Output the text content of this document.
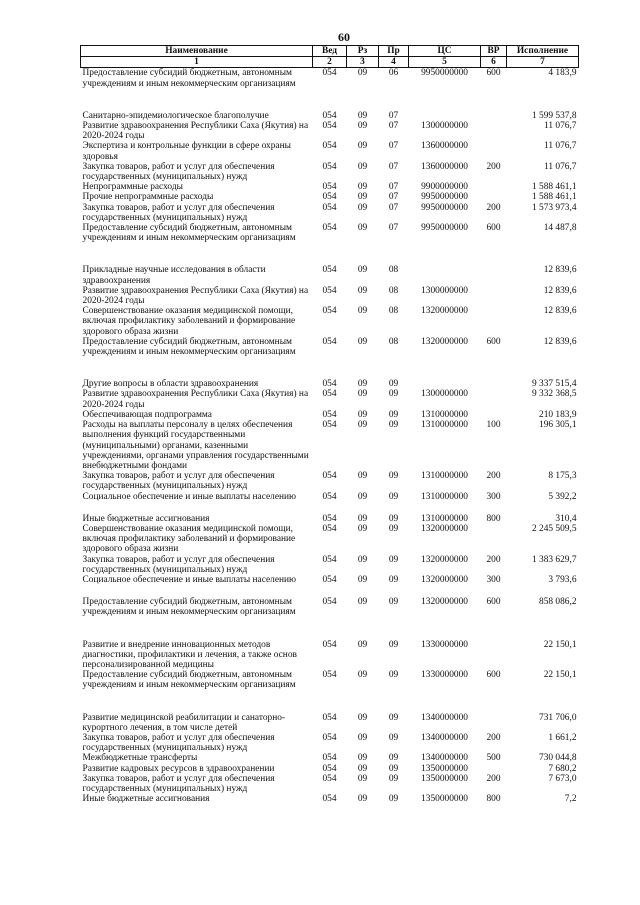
60
Наименование	Вед	Рз	Пр	ЦС	ВР	Исполнение
1	2	3	4	5	6	7
Предоставление субсидий бюджетным, автономным учреждениям и иным некоммерческим организациям	054	09	06	9950000000	600	4 183,9
Санитарно-эпидемиологическое благополучие	054	09	07			1 599 537,8
Развитие здравоохранения Республики Саха (Якутия) на 2020-2024 годы	054	09	07	1300000000		11 076,7
Экспертиза и контрольные функции в сфере охраны здоровья	054	09	07	1360000000		11 076,7
Закупка товаров, работ и услуг для обеспечения государственных (муниципальных) нужд	054	09	07	1360000000	200	11 076,7
Непрограммные расходы	054	09	07	9900000000		1 588 461,1
Прочие непрограммные расходы	054	09	07	9950000000		1 588 461,1
Закупка товаров, работ и услуг для обеспечения государственных (муниципальных) нужд	054	09	07	9950000000	200	1 573 973,4
Предоставление субсидий бюджетным, автономным учреждениям и иным некоммерческим организациям	054	09	07	9950000000	600	14 487,8
Прикладные научные исследования в области здравоохранения	054	09	08			12 839,6
Развитие здравоохранения Республики Саха (Якутия) на 2020-2024 годы	054	09	08	1300000000		12 839,6
Совершенствование оказания медицинской помощи, включая профилактику заболеваний и формирование здорового образа жизни	054	09	08	1320000000		12 839,6
Предоставление субсидий бюджетным, автономным учреждениям и иным некоммерческим организациям	054	09	08	1320000000	600	12 839,6
Другие вопросы в области здравоохранения	054	09	09			9 337 515,4
Развитие здравоохранения Республики Саха (Якутия) на 2020-2024 годы	054	09	09	1300000000		9 332 368,5
Обеспечивающая подпрограмма	054	09	09	1310000000		210 183,9
Расходы на выплаты персоналу в целях обеспечения выполнения функций государственными (муниципальными) органами, казенными учреждениями, органами управления государственными внебюджетными фондами	054	09	09	1310000000	100	196 305,1
Закупка товаров, работ и услуг для обеспечения государственных (муниципальных) нужд	054	09	09	1310000000	200	8 175,3
Социальное обеспечение и иные выплаты населению	054	09	09	1310000000	300	5 392,2
Иные бюджетные ассигнования	054	09	09	1310000000	800	310,4
Совершенствование оказания медицинской помощи, включая профилактику заболеваний и формирование здорового образа жизни	054	09	09	1320000000		2 245 509,5
Закупка товаров, работ и услуг для обеспечения государственных (муниципальных) нужд	054	09	09	1320000000	200	1 383 629,7
Социальное обеспечение и иные выплаты населению	054	09	09	1320000000	300	3 793,6
Предоставление субсидий бюджетным, автономным учреждениям и иным некоммерческим организациям	054	09	09	1320000000	600	858 086,2
Развитие и внедрение инновационных методов диагностики, профилактики и лечения, а также основ персонализированной медицины	054	09	09	1330000000		22 150,1
Предоставление субсидий бюджетным, автономным учреждениям и иным некоммерческим организациям	054	09	09	1330000000	600	22 150,1
Развитие медицинской реабилитации и санаторно-курортного лечения, в том числе детей	054	09	09	1340000000		731 706,0
Закупка товаров, работ и услуг для обеспечения государственных (муниципальных) нужд	054	09	09	1340000000	200	1 661,2
Межбюджетные трансферты	054	09	09	1340000000	500	730 044,8
Развитие кадровых ресурсов в здравоохранении	054	09	09	1350000000		7 680,2
Закупка товаров, работ и услуг для обеспечения государственных (муниципальных) нужд	054	09	09	1350000000	200	7 673,0
Иные бюджетные ассигнования	054	09	09	1350000000	800	7,2
